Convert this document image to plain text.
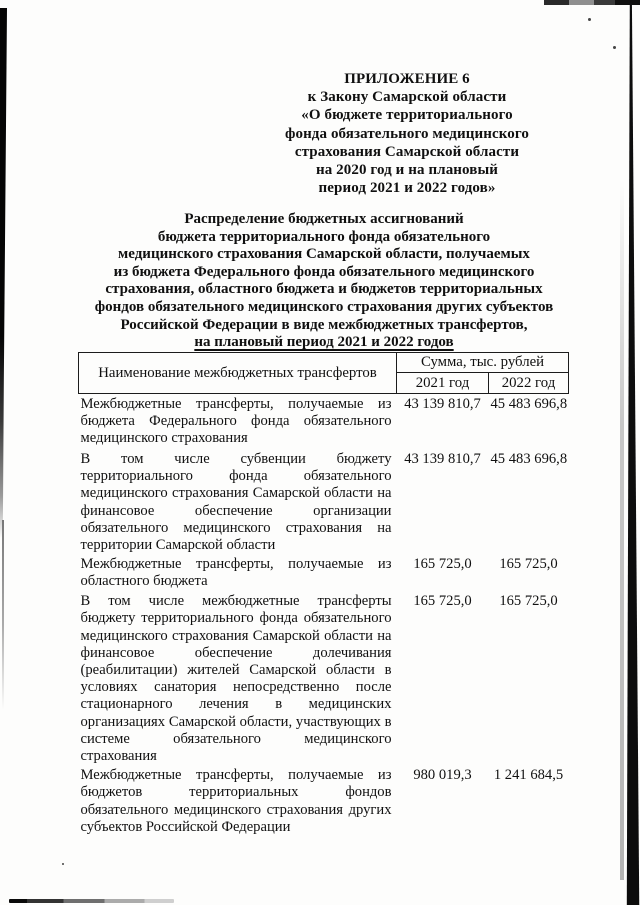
ПРИЛОЖЕНИЕ 6
к Закону Самарской области
«О бюджете территориального
фонда обязательного медицинского
страхования Самарской области
на 2020 год и на плановый
период 2021 и 2022 годов»
Распределение бюджетных ассигнований
бюджета территориального фонда обязательного
медицинского страхования Самарской области, получаемых
из бюджета Федерального фонда обязательного медицинского
страхования, областного бюджета и бюджетов территориальных
фондов обязательного медицинского страхования других субъектов
Российской Федерации в виде межбюджетных трансфертов,
на плановый период 2021 и 2022 годов
Наименование межбюджетных трансфертов	Сумма, тыс. рублей	
	2021 год	2022 год
Межбюджетные трансферты, получаемые из бюджета Федерального фонда обязательного медицинского страхования	43 139 810,7	45 483 696,8
В том числе субвенции бюджету территориального фонда обязательного медицинского страхования Самарской области на финансовое обеспечение организации обязательного медицинского страхования на территории Самарской области	43 139 810,7	45 483 696,8
Межбюджетные трансферты, получаемые из областного бюджета	165 725,0	165 725,0
В том числе межбюджетные трансферты бюджету территориального фонда обязательного медицинского страхования Самарской области на финансовое обеспечение долечивания (реабилитации) жителей Самарской области в условиях санатория непосредственно после стационарного лечения в медицинских организациях Самарской области, участвующих в системе обязательного медицинского страхования	165 725,0	165 725,0
Межбюджетные трансферты, получаемые из бюджетов территориальных фондов обязательного медицинского страхования других субъектов Российской Федерации	980 019,3	1 241 684,5
